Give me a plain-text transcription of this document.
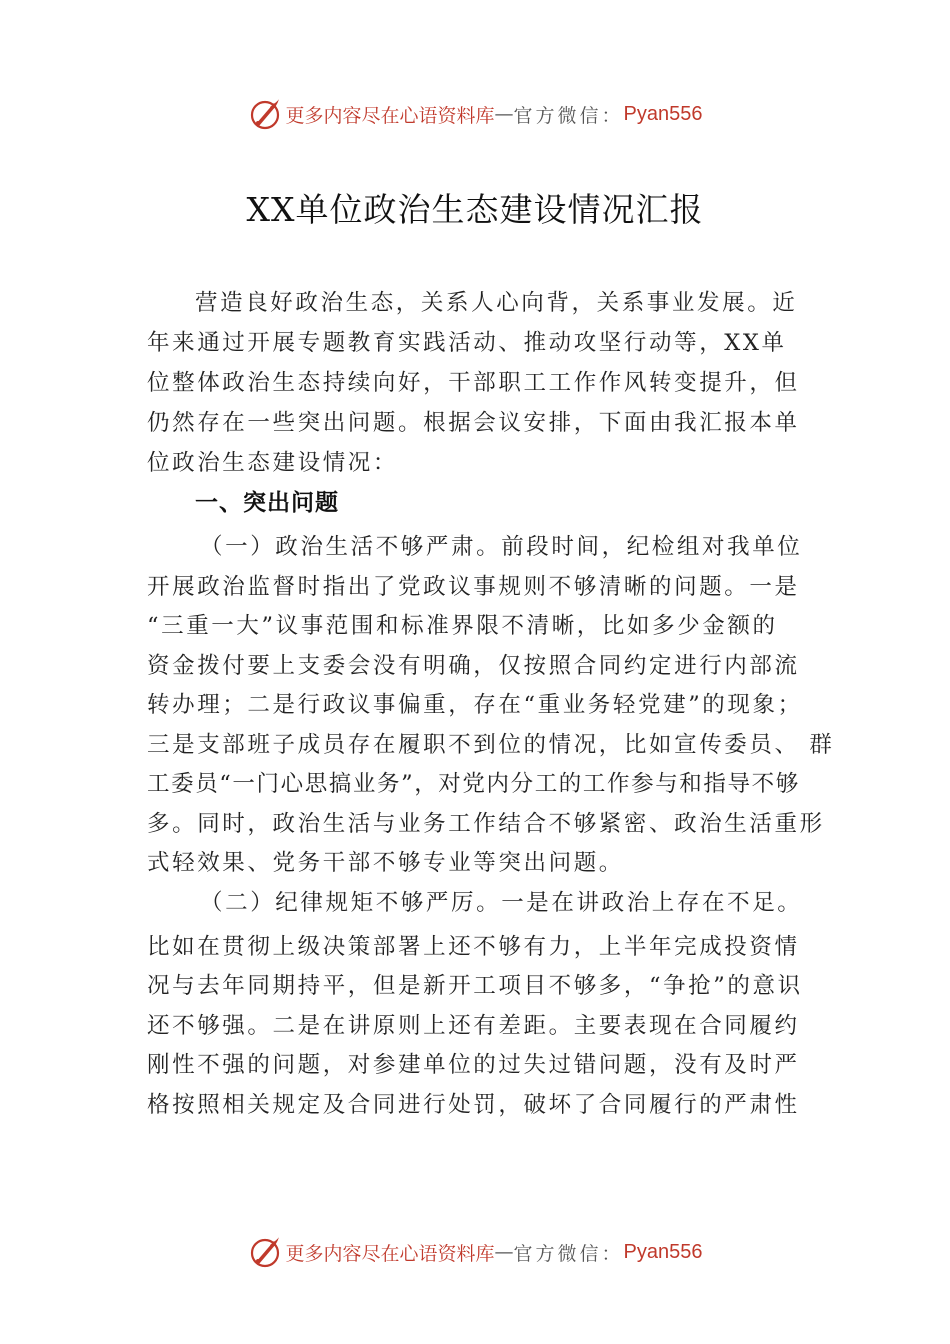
更多内容尽在心语资料库 — 官方微信： Pyan556
XX单位政治生态建设情况汇报
营造良好政治生态，关系人心向背，关系事业发展。近
年来通过开展专题教育实践活动、推动攻坚行动等，XX单
位整体政治生态持续向好，干部职工工作作风转变提升，但
仍然存在一些突出问题。根据会议安排，下面由我汇报本单
位政治生态建设情况：
一、突出问题
（一）政治生活不够严肃。前段时间，纪检组对我单位
开展政治监督时指出了党政议事规则不够清晰的问题。一是
“三重一大”议事范围和标准界限不清晰，比如多少金额的
资金拨付要上支委会没有明确，仅按照合同约定进行内部流
转办理；二是行政议事偏重，存在“重业务轻党建”的现象；
三是支部班子成员存在履职不到位的情况，比如宣传委员、 群
工委员“一门心思搞业务”，对党内分工的工作参与和指导不够
多。同时，政治生活与业务工作结合不够紧密、政治生活重形
式轻效果、党务干部不够专业等突出问题。
（二）纪律规矩不够严厉。一是在讲政治上存在不足。
比如在贯彻上级决策部署上还不够有力，上半年完成投资情
况与去年同期持平，但是新开工项目不够多，“争抢”的意识
还不够强。二是在讲原则上还有差距。主要表现在合同履约
刚性不强的问题，对参建单位的过失过错问题，没有及时严
格按照相关规定及合同进行处罚，破坏了合同履行的严肃性
更多内容尽在心语资料库 — 官方微信： Pyan556
